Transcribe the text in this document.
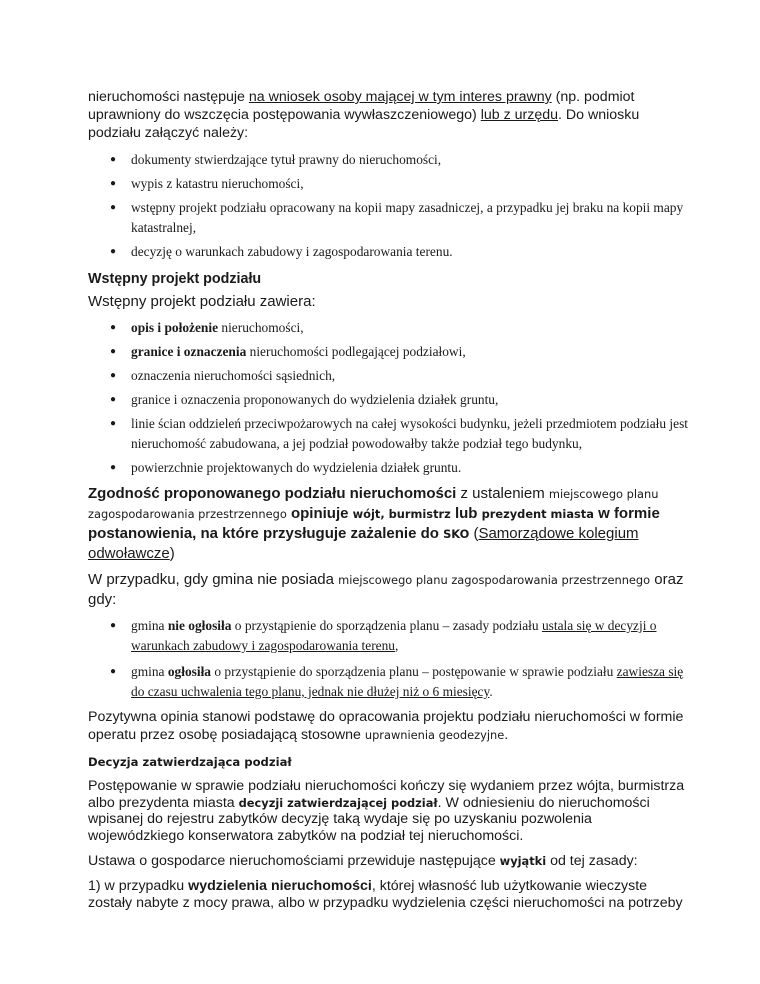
nieruchomości następuje na wniosek osoby mającej w tym interes prawny (np. podmiot uprawniony do wszczęcia postępowania wywłaszczeniowego) lub z urzędu. Do wniosku podziału załączyć należy:

● dokumenty stwierdzające tytuł prawny do nieruchomości,
● wypis z katastru nieruchomości,
● wstępny projekt podziału opracowany na kopii mapy zasadniczej, a przypadku jej braku na kopii mapy katastralnej,
● decyzję o warunkach zabudowy i zagospodarowania terenu.

Wstępny projekt podziału

Wstępny projekt podziału zawiera:

● opis i położenie nieruchomości,
● granice i oznaczenia nieruchomości podlegającej podziałowi,
● oznaczenia nieruchomości sąsiednich,
● granice i oznaczenia proponowanych do wydzielenia działek gruntu,
● linie ścian oddzieleń przeciwpożarowych na całej wysokości budynku, jeżeli przedmiotem podziału jest nieruchomość zabudowana, a jej podział powodowałby także podział tego budynku,
● powierzchnie projektowanych do wydzielenia działek gruntu.

Zgodność proponowanego podziału nieruchomości z ustaleniem miejscowego planu zagospodarowania przestrzennego opiniuje wójt, burmistrz lub prezydent miasta w formie postanowienia, na które przysługuje zażalenie do SKO (Samorządowe kolegium odwoławcze)

W przypadku, gdy gmina nie posiada miejscowego planu zagospodarowania przestrzennego oraz gdy:

● gmina nie ogłosiła o przystąpienie do sporządzenia planu – zasady podziału ustala się w decyzji o warunkach zabudowy i zagospodarowania terenu,
● gmina ogłosiła o przystąpienie do sporządzenia planu – postępowanie w sprawie podziału zawiesza się do czasu uchwalenia tego planu, jednak nie dłużej niż o 6 miesięcy.

Pozytywna opinia stanowi podstawę do opracowania projektu podziału nieruchomości w formie operatu przez osobę posiadającą stosowne uprawnienia geodezyjne.

Decyzja zatwierdzająca podział

Postępowanie w sprawie podziału nieruchomości kończy się wydaniem przez wójta, burmistrza albo prezydenta miasta decyzji zatwierdzającej podział. W odniesieniu do nieruchomości wpisanej do rejestru zabytków decyzję taką wydaje się po uzyskaniu pozwolenia wojewódzkiego konserwatora zabytków na podział tej nieruchomości.

Ustawa o gospodarce nieruchomościami przewiduje następujące wyjątki od tej zasady:

1) w przypadku wydzielenia nieruchomości, której własność lub użytkowanie wieczyste zostały nabyte z mocy prawa, albo w przypadku wydzielenia części nieruchomości na potrzeby
